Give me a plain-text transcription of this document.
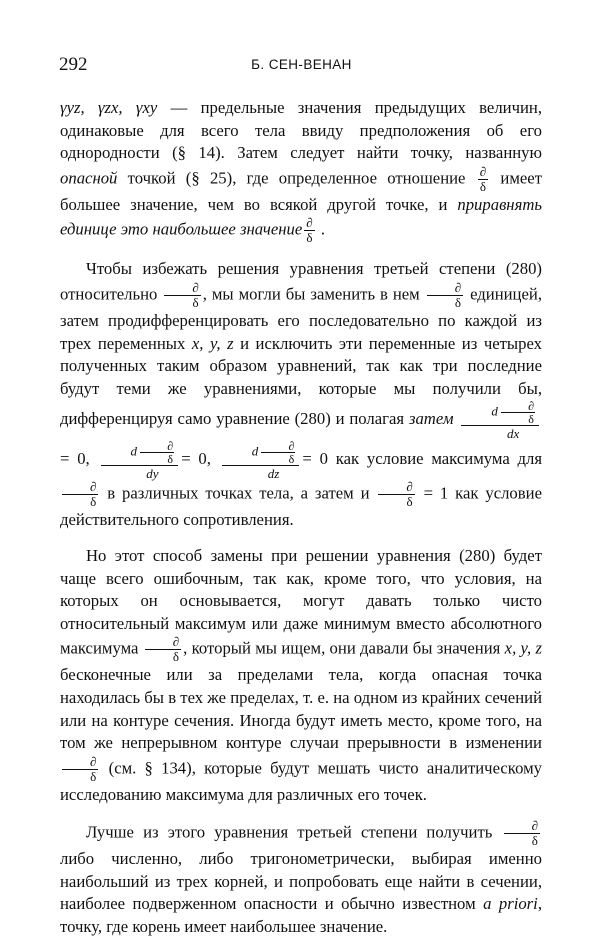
292	Б. СЕН-ВЕНАН

γyz, γzx, γxy — предельные значения предыдущих величин, одинаковые для всего тела ввиду предположения об его однородности (§ 14). Затем следует найти точку, названную опасной точкой (§ 25), где определенное отношение $\frac{\partial}{\delta}$ имеет большее значение, чем во всякой другой точке, и приравнять единице это наибольшее значение $\frac{\partial}{\delta}$ .

Чтобы избежать решения уравнения третьей степени (280) относительно $\frac{\partial}{\delta}$ , мы могли бы заменить в нем $\frac{\partial}{\delta}$ единицей, затем продифференцировать его последовательно по каждой из трех переменных x, y, z и исключить эти переменные из четырех полученных таким образом уравнений, так как три последние будут теми же уравнениями, которые мы получили бы, дифференцируя само уравнение (280) и полагая затем d	∂
δ
dx
= 0, d	∂
δ
dy = 0, d	∂
δ
dz = 0 как условие максимума для
$\frac{\partial}{\delta}$ в различных точках тела, а затем и $\frac{\partial}{\delta} = 1$ как условие действительного сопротивления.

Но этот способ замены при решении уравнения (280) будет чаще всего ошибочным, так как, кроме того, что условия, на которых он основывается, могут давать только чисто относительный максимум или даже минимум вместо абсолютного максимума $\frac{\partial}{\delta}$ , который мы ищем, они давали бы значения x, y, z бесконечные или за пределами тела, когда опасная точка находилась бы в тех же пределах, т. е. на одном из крайних сечений или на контуре сечения. Иногда будут иметь место, кроме того, на том же непрерывном контуре случаи прерывности в изменении
$\frac{\partial}{\delta} (см$. § 134), которые будут мешать чисто аналитическому исследованию максимума для различных его точек.

Лучше из этого уравнения третьей степени получить $\frac{\partial}{\delta}$
либо численно, либо тригонометрически, выбирая именно наибольший из трех корней, и попробовать еще найти в сечении, наиболее подверженном опасности и обычно известном a priori, точку, где корень имеет наибольшее значение.
